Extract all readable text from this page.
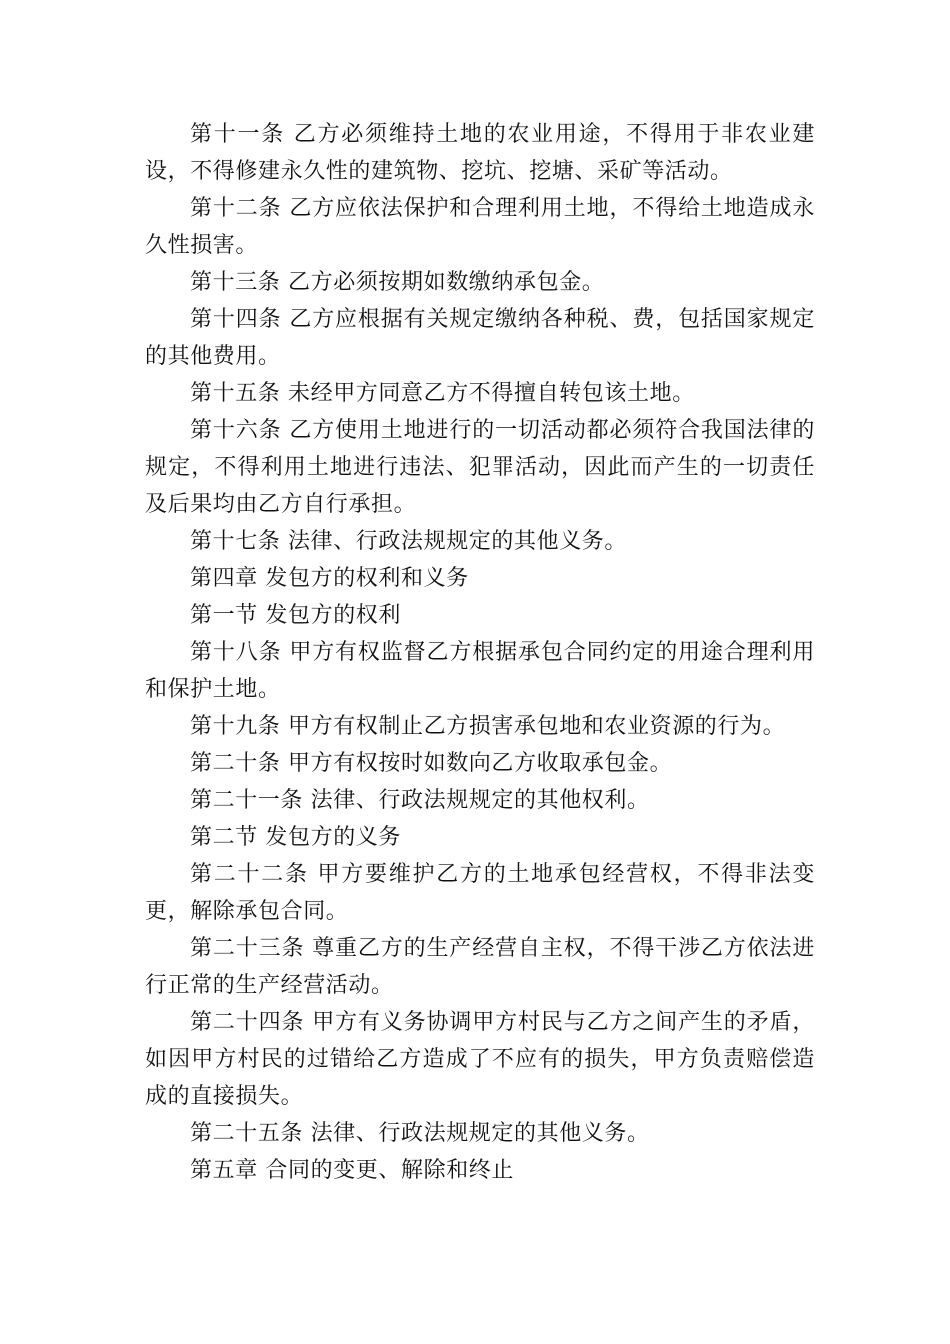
第十一条 乙方必须维持土地的农业用途，不得用于非农业建设，不得修建永久性的建筑物、挖坑、挖塘、采矿等活动。

第十二条 乙方应依法保护和合理利用土地，不得给土地造成永久性损害。

第十三条 乙方必须按期如数缴纳承包金。

第十四条 乙方应根据有关规定缴纳各种税、费，包括国家规定的其他费用。

第十五条 未经甲方同意乙方不得擅自转包该土地。

第十六条 乙方使用土地进行的一切活动都必须符合我国法律的规定，不得利用土地进行违法、犯罪活动，因此而产生的一切责任及后果均由乙方自行承担。

第十七条 法律、行政法规规定的其他义务。

第四章 发包方的权利和义务

第一节 发包方的权利

第十八条 甲方有权监督乙方根据承包合同约定的用途合理利用和保护土地。

第十九条 甲方有权制止乙方损害承包地和农业资源的行为。

第二十条 甲方有权按时如数向乙方收取承包金。

第二十一条 法律、行政法规规定的其他权利。

第二节 发包方的义务

第二十二条 甲方要维护乙方的土地承包经营权，不得非法变更，解除承包合同。

第二十三条 尊重乙方的生产经营自主权，不得干涉乙方依法进行正常的生产经营活动。

第二十四条 甲方有义务协调甲方村民与乙方之间产生的矛盾，如因甲方村民的过错给乙方造成了不应有的损失，甲方负责赔偿造成的直接损失。

第二十五条 法律、行政法规规定的其他义务。

第五章 合同的变更、解除和终止
